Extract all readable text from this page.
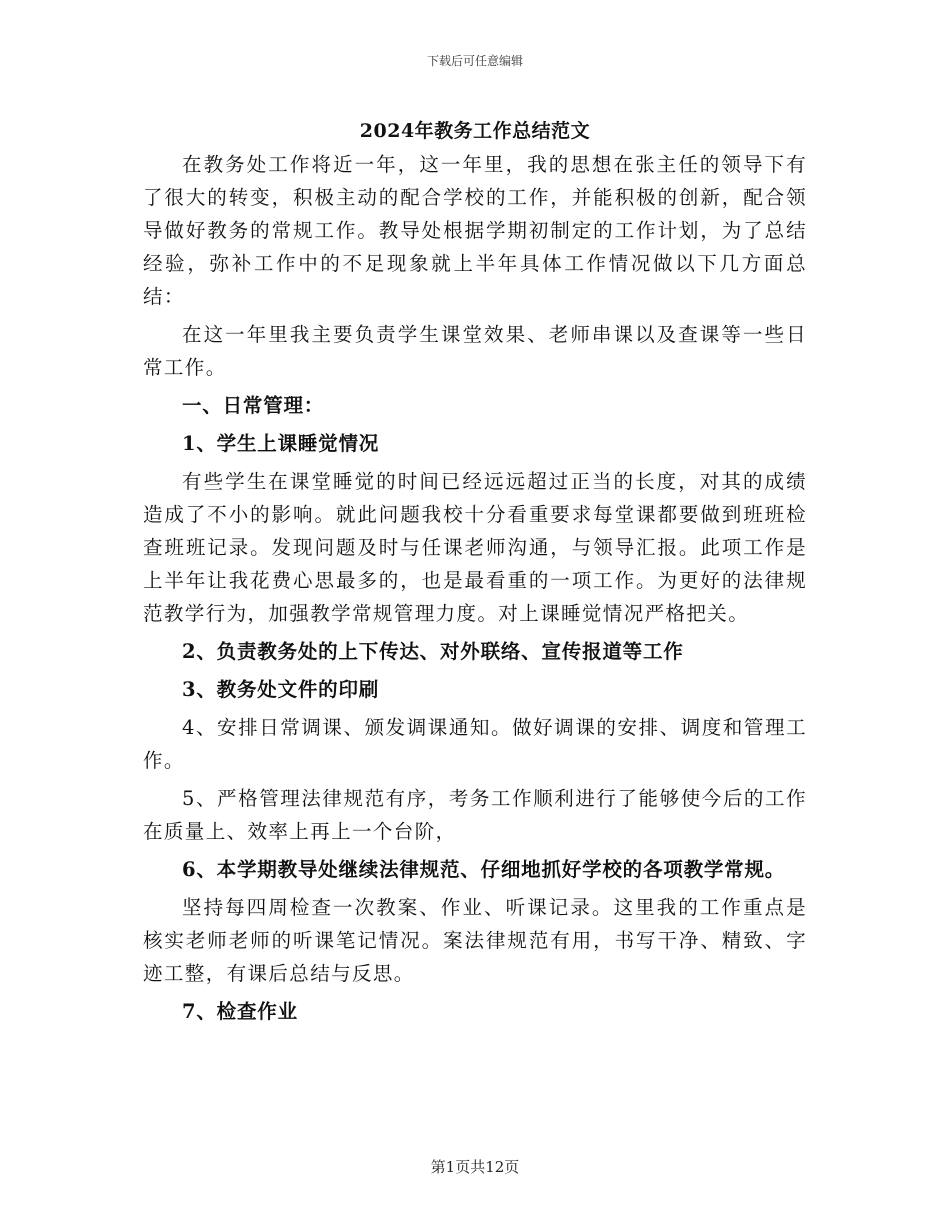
下载后可任意编辑
2024年教务工作总结范文

在教务处工作将近一年，这一年里，我的思想在张主任的领导下有了很大的转变，积极主动的配合学校的工作，并能积极的创新，配合领导做好教务的常规工作。教导处根据学期初制定的工作计划，为了总结经验，弥补工作中的不足现象就上半年具体工作情况做以下几方面总结：

在这一年里我主要负责学生课堂效果、老师串课以及查课等一些日常工作。

一、日常管理：

1、学生上课睡觉情况

有些学生在课堂睡觉的时间已经远远超过正当的长度，对其的成绩造成了不小的影响。就此问题我校十分看重要求每堂课都要做到班班检查班班记录。发现问题及时与任课老师沟通，与领导汇报。此项工作是上半年让我花费心思最多的，也是最看重的一项工作。为更好的法律规范教学行为，加强教学常规管理力度。对上课睡觉情况严格把关。

2、负责教务处的上下传达、对外联络、宣传报道等工作

3、教务处文件的印刷

4、安排日常调课、颁发调课通知。做好调课的安排、调度和管理工作。

5、严格管理法律规范有序，考务工作顺利进行了能够使今后的工作在质量上、效率上再上一个台阶，

6、本学期教导处继续法律规范、仔细地抓好学校的各项教学常规。

坚持每四周检查一次教案、作业、听课记录。这里我的工作重点是核实老师老师的听课笔记情况。案法律规范有用，书写干净、精致、字迹工整，有课后总结与反思。

7、检查作业

第1页共12页
